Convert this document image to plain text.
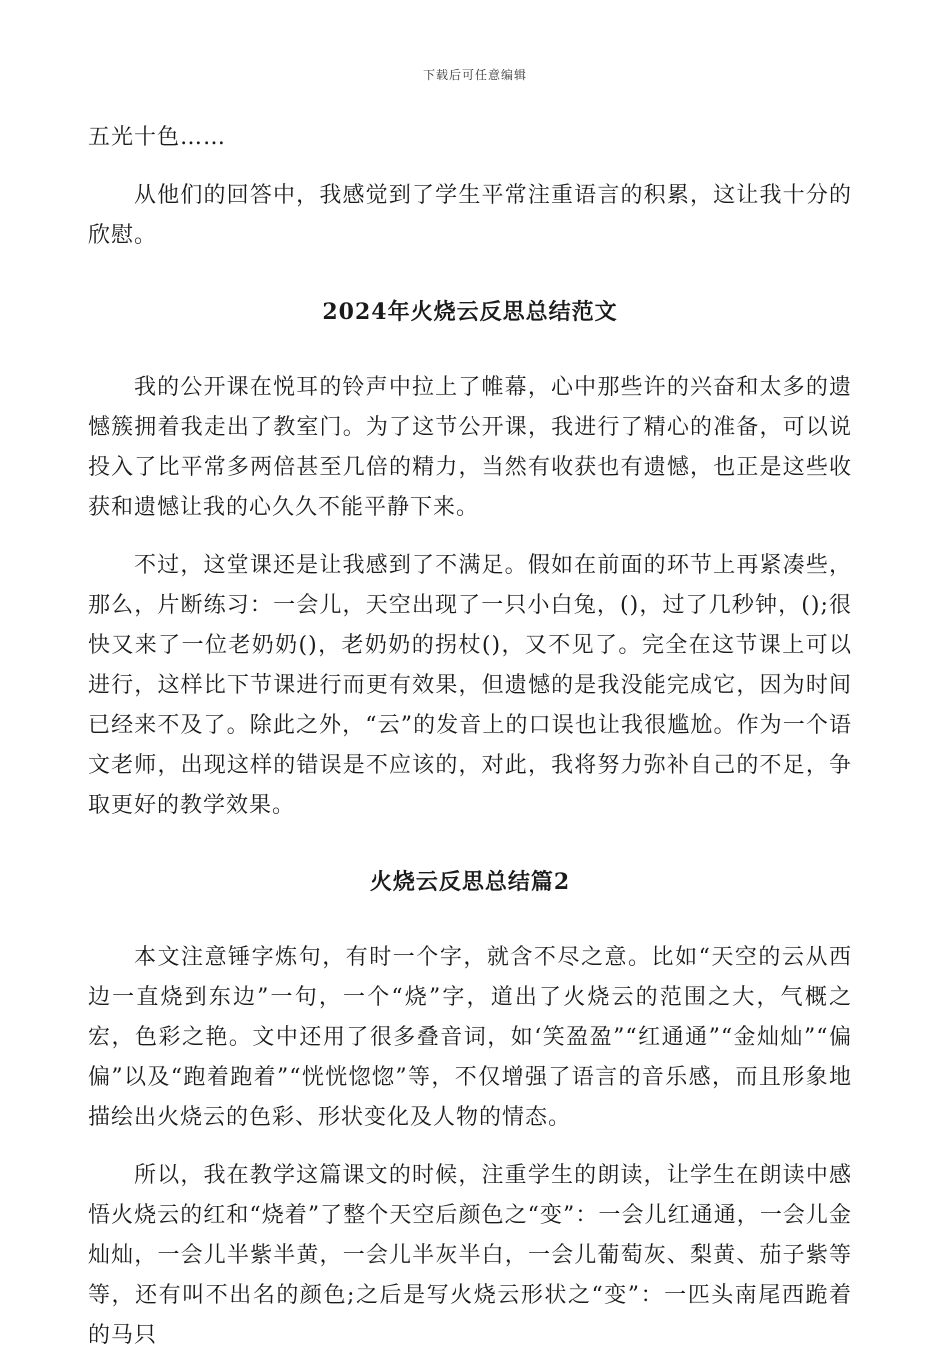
下载后可任意编辑

五光十色……

从他们的回答中，我感觉到了学生平常注重语言的积累，这让我十分的欣慰。

2024年火烧云反思总结范文

我的公开课在悦耳的铃声中拉上了帷幕，心中那些许的兴奋和太多的遗憾簇拥着我走出了教室门。为了这节公开课，我进行了精心的准备，可以说投入了比平常多两倍甚至几倍的精力，当然有收获也有遗憾，也正是这些收获和遗憾让我的心久久不能平静下来。

不过，这堂课还是让我感到了不满足。假如在前面的环节上再紧凑些，那么，片断练习：一会儿，天空出现了一只小白兔，()，过了几秒钟，();很快又来了一位老奶奶()，老奶奶的拐杖()，又不见了。完全在这节课上可以进行，这样比下节课进行而更有效果，但遗憾的是我没能完成它，因为时间已经来不及了。除此之外，“云”的发音上的口误也让我很尴尬。作为一个语文老师，出现这样的错误是不应该的，对此，我将努力弥补自己的不足，争取更好的教学效果。

火烧云反思总结篇2

本文注意锤字炼句，有时一个字，就含不尽之意。比如“天空的云从西边一直烧到东边”一句，一个“烧”字，道出了火烧云的范围之大，气概之宏，色彩之艳。文中还用了很多叠音词，如‘笑盈盈”“红通通”“金灿灿”“偏偏”以及“跑着跑着”“恍恍惚惚”等，不仅增强了语言的音乐感，而且形象地描绘出火烧云的色彩、形状变化及人物的情态。

所以，我在教学这篇课文的时候，注重学生的朗读，让学生在朗读中感悟火烧云的红和“烧着”了整个天空后颜色之“变”：一会儿红通通，一会儿金灿灿，一会儿半紫半黄，一会儿半灰半白，一会儿葡萄灰、梨黄、茄子紫等等，还有叫不出名的颜色;之后是写火烧云形状之“变”：一匹头南尾西跪着的马只
